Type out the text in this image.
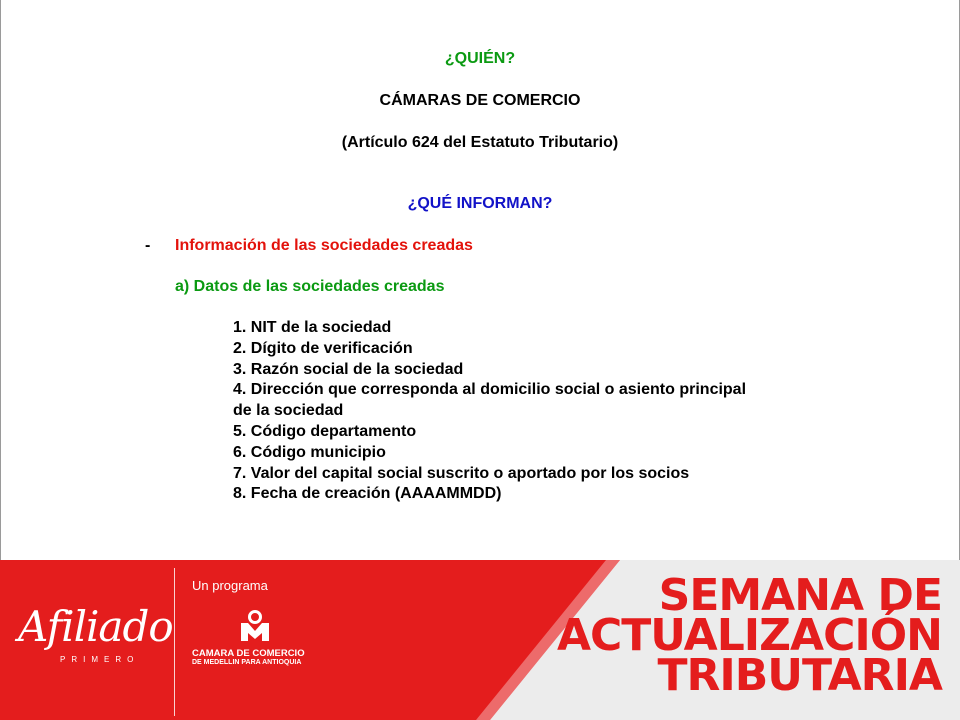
¿QUIÉN?
CÁMARAS DE COMERCIO
(Artículo 624 del Estatuto Tributario)
¿QUÉ INFORMAN?
- Información de las sociedades creadas
a) Datos de las sociedades creadas
1. NIT de la sociedad
2. Dígito de verificación
3. Razón social de la sociedad
4. Dirección que corresponda al domicilio social o asiento principal
de la sociedad
5. Código departamento
6. Código municipio
7. Valor del capital social suscrito o aportado por los socios
8. Fecha de creación (AAAAMMDD)
Afiliado
PRIMERO
Un programa
CAMARA DE COMERCIO
DE MEDELLIN PARA ANTIOQUIA
SEMANA DE
ACTUALIZACIÓN
TRIBUTARIA
